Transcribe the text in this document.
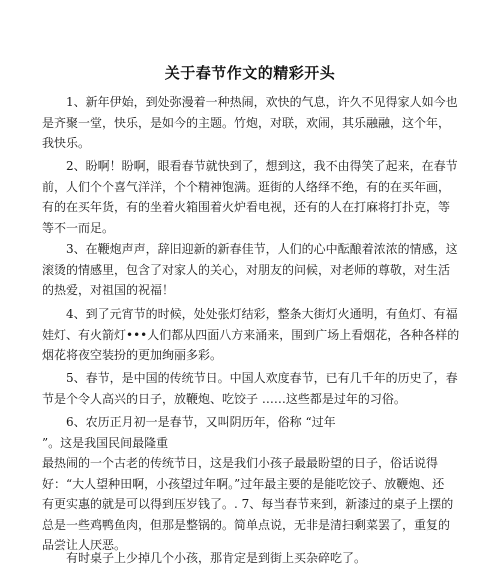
关于春节作文的精彩开头

1、新年伊始，到处弥漫着一种热闹，欢快的气息，许久不见得家人如今也
是齐聚一堂，快乐，是如今的主题。竹炮，对联，欢闹，其乐融融，这个年，
我快乐。

2、盼啊！盼啊，眼看春节就快到了，想到这，我不由得笑了起来，在春节
前，人们个个喜气洋洋，个个精神饱满。逛街的人络绎不绝，有的在买年画，
有的在买年货，有的坐着火箱围着火炉看电视，还有的人在打麻将打扑克，等
等不一而足。

3、在鞭炮声声，辞旧迎新的新春佳节，人们的心中酝酿着浓浓的情感，这
滚烫的情感里，包含了对家人的关心，对朋友的问候，对老师的尊敬，对生活
的热爱，对祖国的祝福！

4、到了元宵节的时候，处处张灯结彩，整条大街灯火通明，有鱼灯、有福
娃灯、有火箭灯•••人们都从四面八方来涌来，围到广场上看烟花，各种各样的
烟花将夜空装扮的更加绚丽多彩。

5、春节，是中国的传统节日。中国人欢度春节，已有几千年的历史了，春
节是个令人高兴的日子，放鞭炮、吃饺子 ……这些都是过年的习俗。

6、农历正月初一是春节，又叫阴历年，俗称 “过年
”。这是我国民间最隆重
最热闹的一个古老的传统节日，这是我们小孩子最最盼望的日子，俗话说得
好：“大人望种田啊，小孩望过年啊。”过年最主要的是能吃饺子、放鞭炮、还
有更实惠的就是可以得到压岁钱了。. 7、每当春节来到，新漆过的桌子上摆的
总是一些鸡鸭鱼肉，但那是整锅的。简单点说，无非是清扫剩菜罢了，重复的
品尝让人厌恶。

有时桌子上少掉几个小孩，那肯定是到街上买杂碎吃了。
